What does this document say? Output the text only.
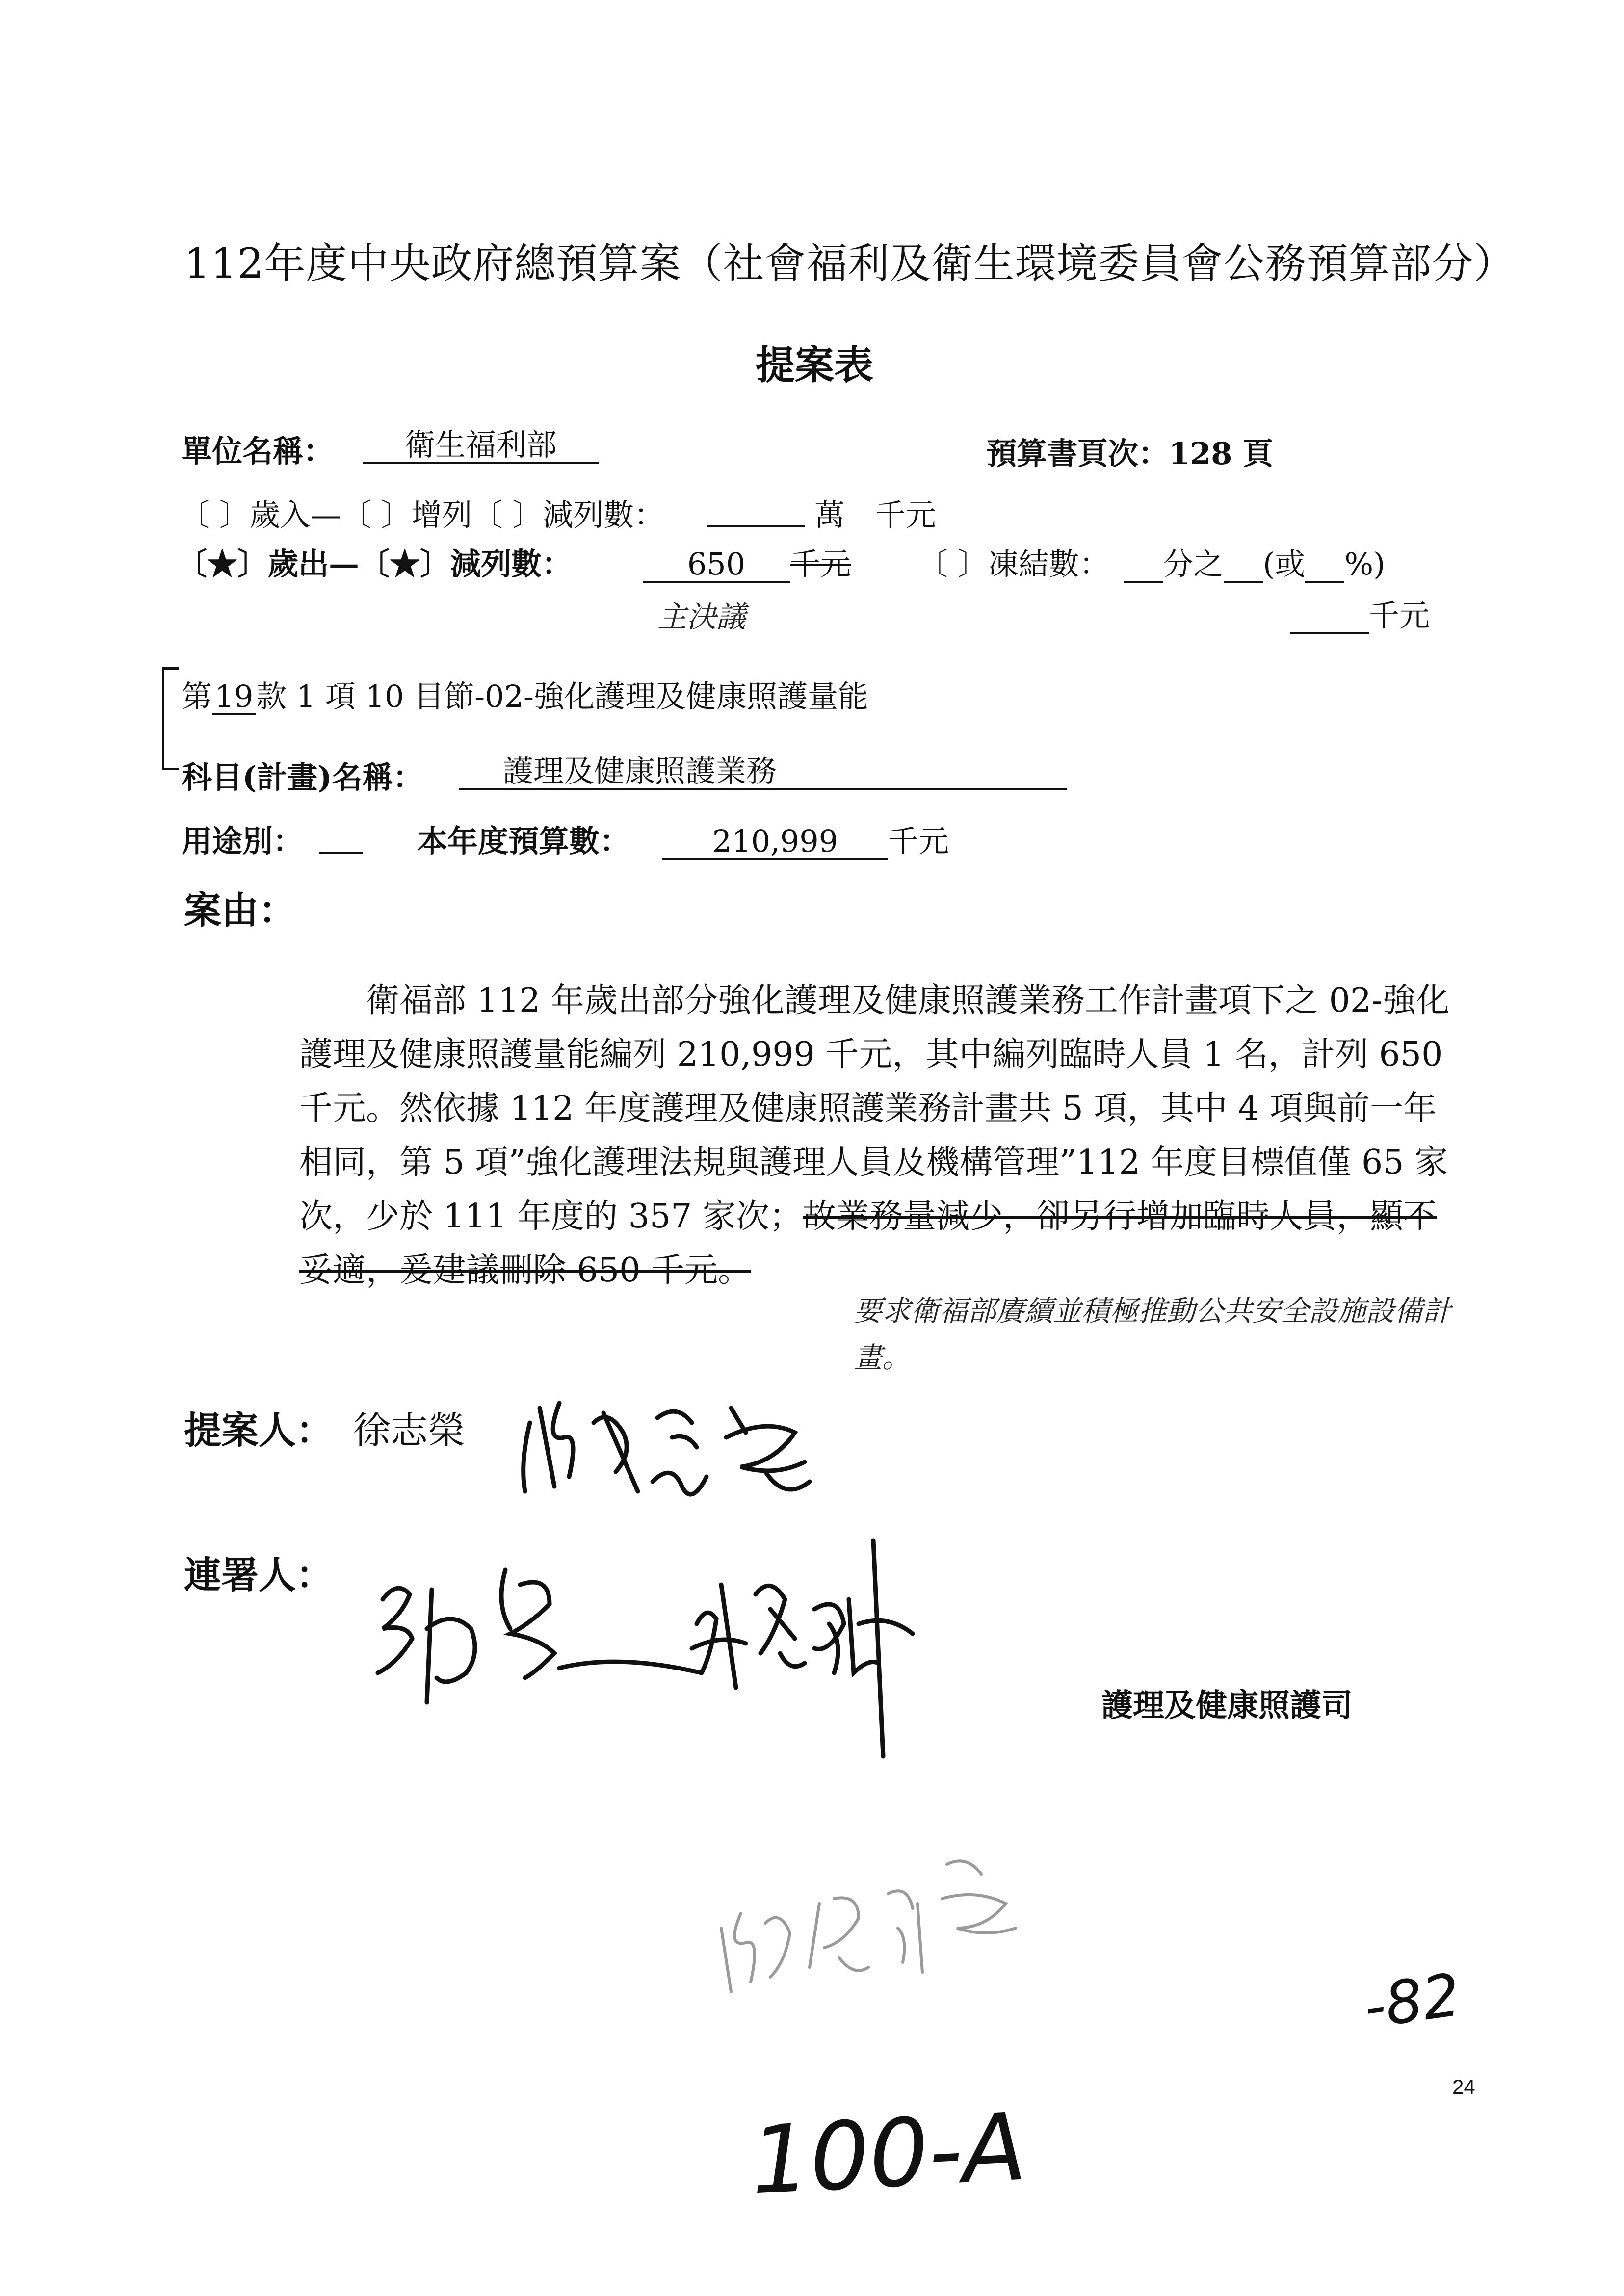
112年度中央政府總預算案（社會福利及衛生環境委員會公務預算部分）
提案表
單位名稱：	衛生福利部	預算書頁次：128 頁
〔 〕歲入—〔 〕增列〔 〕減列數：
	萬　千元
〔★〕歲出—〔★〕減列數：	650 千元 〔 〕凍結數：	分之 (或 %)
主決議	千元
第19款 1 項 10 目節-02-強化護理及健康照護量能
科目(計畫)名稱：	護理及健康照護業務
用途別：
	本年度預算數：	210,999 千元
案由：
衛福部 112 年歲出部分強化護理及健康照護業務工作計畫項下之 02-強化護理及健康照護量能編列 210,999 千元，其中編列臨時人員 1 名，計列 650 千元。然依據 112 年度護理及健康照護業務計畫共 5 項，其中 4 項與前一年相同，第 5 項”強化護理法規與護理人員及機構管理”112 年度目標值僅 65 家次，少於 111 年度的 357 家次；故業務量減少，卻另行增加臨時人員，顯不妥適，爰建議刪除 650 千元。
要求衛福部賡續並積極推動公共安全設施設備計畫。
提案人： 徐志榮
連署人：
護理及健康照護司
-82
24
100-A
